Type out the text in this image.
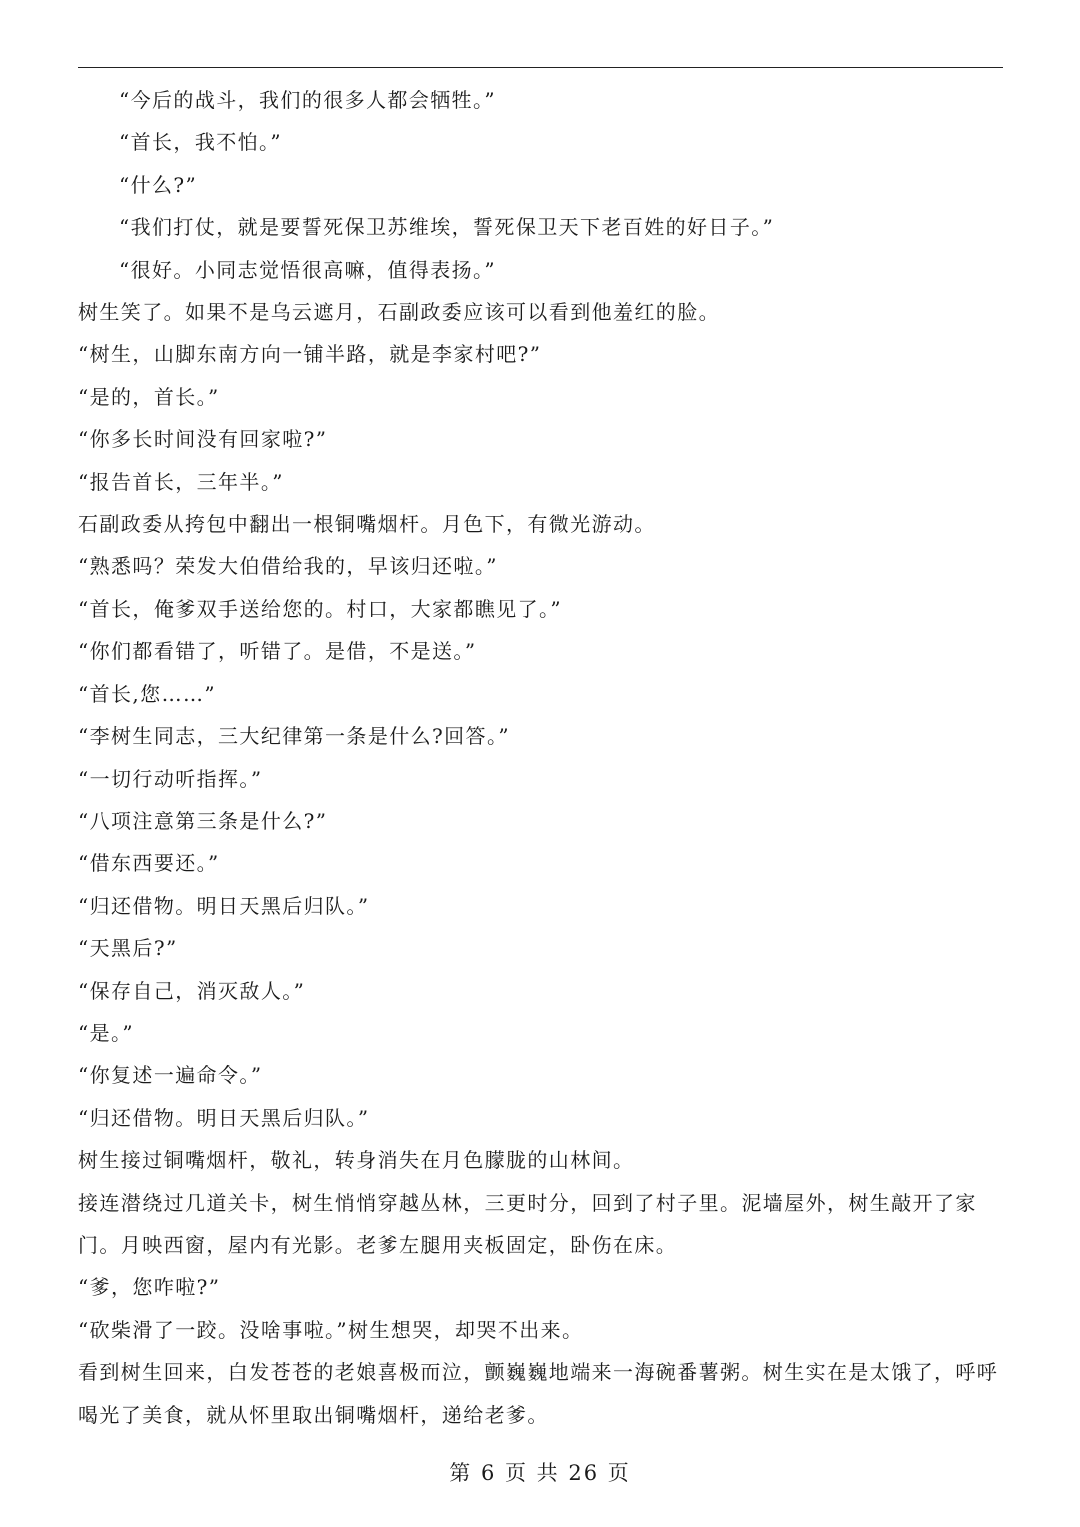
“今后的战斗，我们的很多人都会牺牲。”

“首长，我不怕。”

“什么?”

“我们打仗，就是要誓死保卫苏维埃，誓死保卫天下老百姓的好日子。”

“很好。小同志觉悟很高嘛，值得表扬。”

树生笑了。如果不是乌云遮月，石副政委应该可以看到他羞红的脸。

“树生，山脚东南方向一铺半路，就是李家村吧?”

“是的，首长。”

“你多长时间没有回家啦?”

“报告首长，三年半。”

石副政委从挎包中翻出一根铜嘴烟杆。月色下，有微光游动。

“熟悉吗？荣发大伯借给我的，早该归还啦。”

“首长，俺爹双手送给您的。村口，大家都瞧见了。”

“你们都看错了，听错了。是借，不是送。”

“首长,您……”

“李树生同志，三大纪律第一条是什么?回答。”

“一切行动听指挥。”

“八项注意第三条是什么?”

“借东西要还。”

“归还借物。明日天黑后归队。”

“天黑后?”

“保存自己，消灭敌人。”

“是。”

“你复述一遍命令。”

“归还借物。明日天黑后归队。”

树生接过铜嘴烟杆，敬礼，转身消失在月色朦胧的山林间。

接连潜绕过几道关卡，树生悄悄穿越丛林，三更时分，回到了村子里。泥墙屋外，树生敲开了家门。月映西窗，屋内有光影。老爹左腿用夹板固定，卧伤在床。

“爹，您咋啦?”

“砍柴滑了一跤。没啥事啦。”树生想哭，却哭不出来。

看到树生回来，白发苍苍的老娘喜极而泣，颤巍巍地端来一海碗番薯粥。树生实在是太饿了，呼呼喝光了美食，就从怀里取出铜嘴烟杆，递给老爹。

第 6 页 共 26 页
